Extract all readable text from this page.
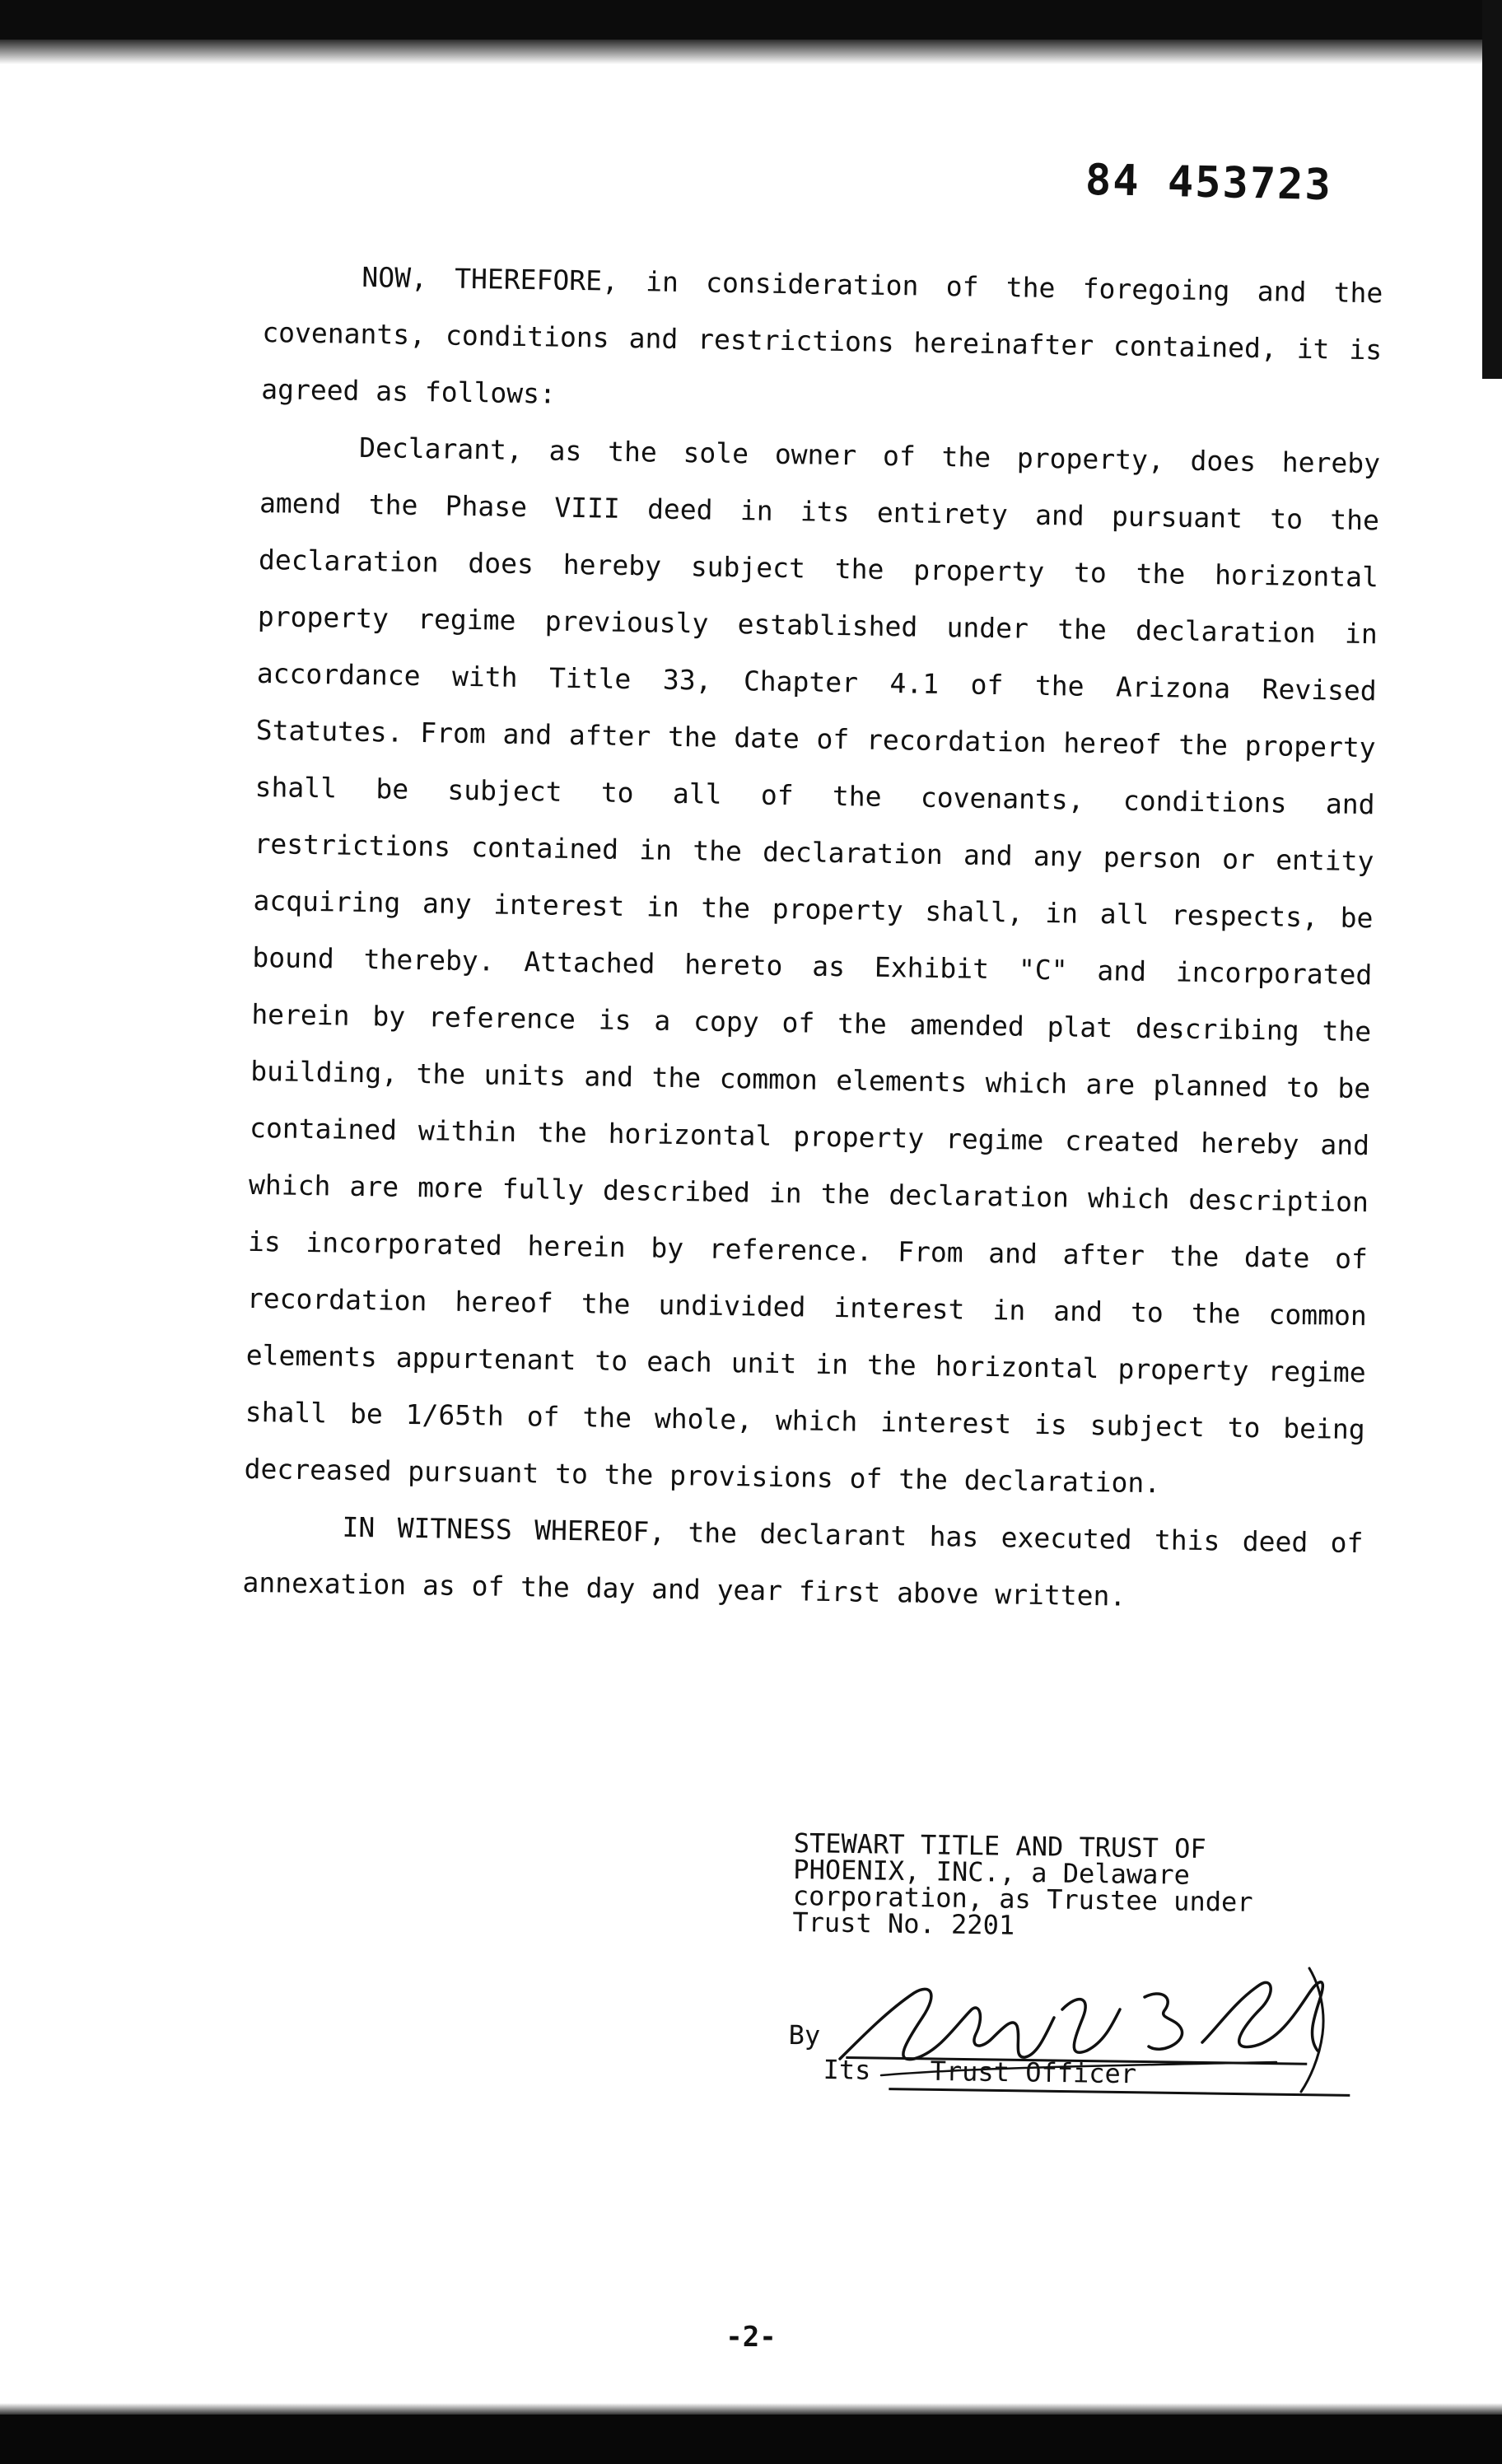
84 453723

NOW, THEREFORE, in consideration of the foregoing and the covenants, conditions and restrictions hereinafter contained, it is agreed as follows:

Declarant, as the sole owner of the property, does hereby amend the Phase VIII deed in its entirety and pursuant to the declaration does hereby subject the property to the horizontal property regime previously established under the declaration in accordance with Title 33, Chapter 4.1 of the Arizona Revised Statutes. From and after the date of recordation hereof the property shall be subject to all of the covenants, conditions and restrictions contained in the declaration and any person or entity acquiring any interest in the property shall, in all respects, be bound thereby. Attached hereto as Exhibit "C" and incorporated herein by reference is a copy of the amended plat describing the building, the units and the common elements which are planned to be contained within the horizontal property regime created hereby and which are more fully described in the declaration which description is incorporated herein by reference. From and after the date of recordation hereof the undivided interest in and to the common elements appurtenant to each unit in the horizontal property regime shall be 1/65th of the whole, which interest is subject to being decreased pursuant to the provisions of the declaration.

IN WITNESS WHEREOF, the declarant has executed this deed of annexation as of the day and year first above written.

STEWART TITLE AND TRUST OF
PHOENIX, INC., a Delaware
corporation, as Trustee under
Trust No. 2201
By
Its Trust Officer
-2-
